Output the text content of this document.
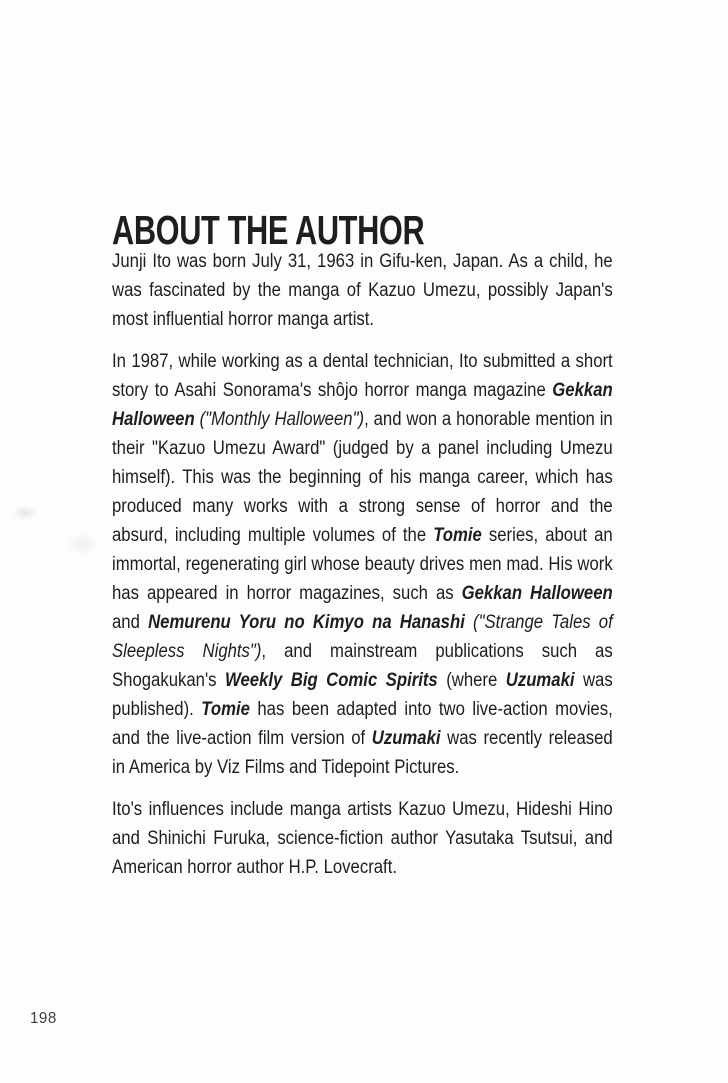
ABOUT THE AUTHOR

Junji Ito was born July 31, 1963 in Gifu-ken, Japan. As a child, he was fascinated by the manga of Kazuo Umezu, possibly Japan's most influential horror manga artist.

In 1987, while working as a dental technician, Ito submitted a short story to Asahi Sonorama's shôjo horror manga magazine Gekkan Halloween ("Monthly Halloween"), and won a honorable mention in their "Kazuo Umezu Award" (judged by a panel including Umezu himself). This was the beginning of his manga career, which has produced many works with a strong sense of horror and the absurd, including multiple volumes of the Tomie series, about an immortal, regenerating girl whose beauty drives men mad. His work has appeared in horror magazines, such as Gekkan Halloween and Nemurenu Yoru no Kimyo na Hanashi ("Strange Tales of Sleepless Nights"), and mainstream publications such as Shogakukan's Weekly Big Comic Spirits (where Uzumaki was published). Tomie has been adapted into two live-action movies, and the live-action film version of Uzumaki was recently released in America by Viz Films and Tidepoint Pictures.

Ito's influences include manga artists Kazuo Umezu, Hideshi Hino and Shinichi Furuka, science-fiction author Yasutaka Tsutsui, and American horror author H.P. Lovecraft.

198
